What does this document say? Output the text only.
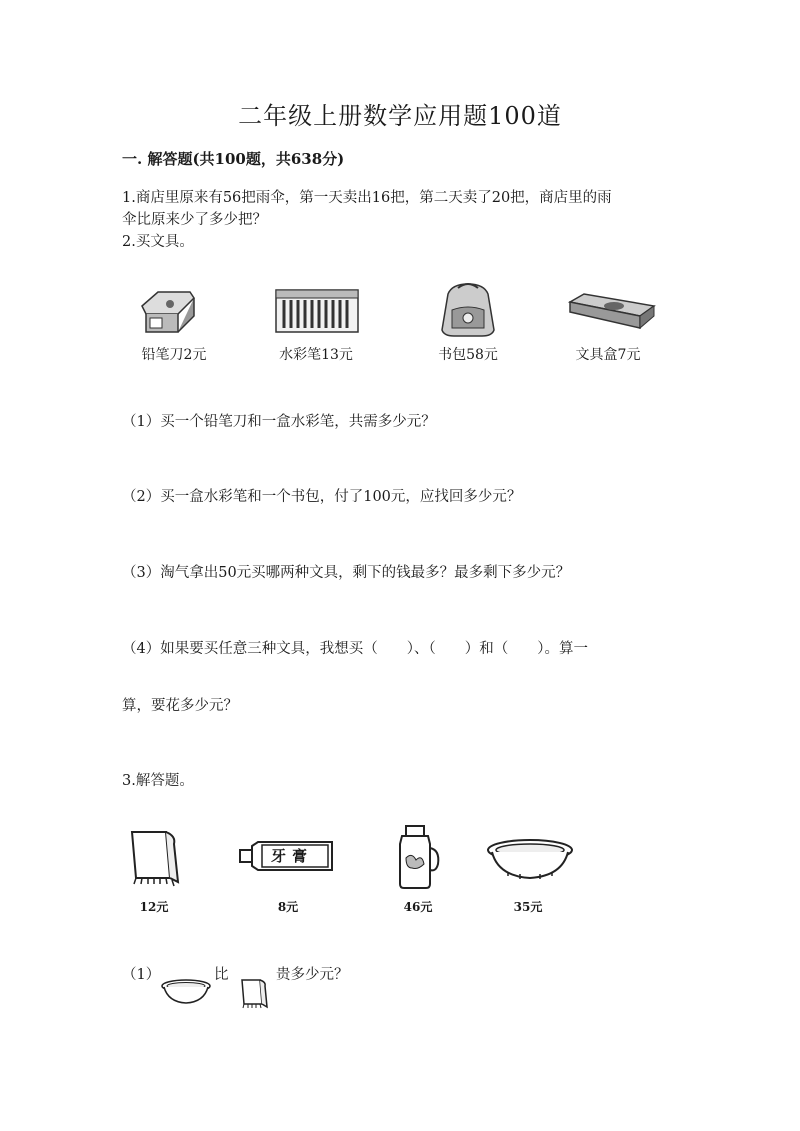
二年级上册数学应用题100道
一. 解答题(共100题，共638分)
1.商店里原来有56把雨伞，第一天卖出16把，第二天卖了20把，商店里的雨
伞比原来少了多少把？
2.买文具。
铅笔刀2元	水彩笔13元	书包58元	文具盒7元
（1）买一个铅笔刀和一盒水彩笔，共需多少元？
（2）买一盒水彩笔和一个书包，付了100元，应找回多少元？
（3）淘气拿出50元买哪两种文具，剩下的钱最多？最多剩下多少元？
（4）如果要买任意三种文具，我想买（　　）、（　　）和（　　）。算一
算，要花多少元？
3.解答题。
12元
牙膏
8元	46元	35元
（1）	比	贵多少元？
